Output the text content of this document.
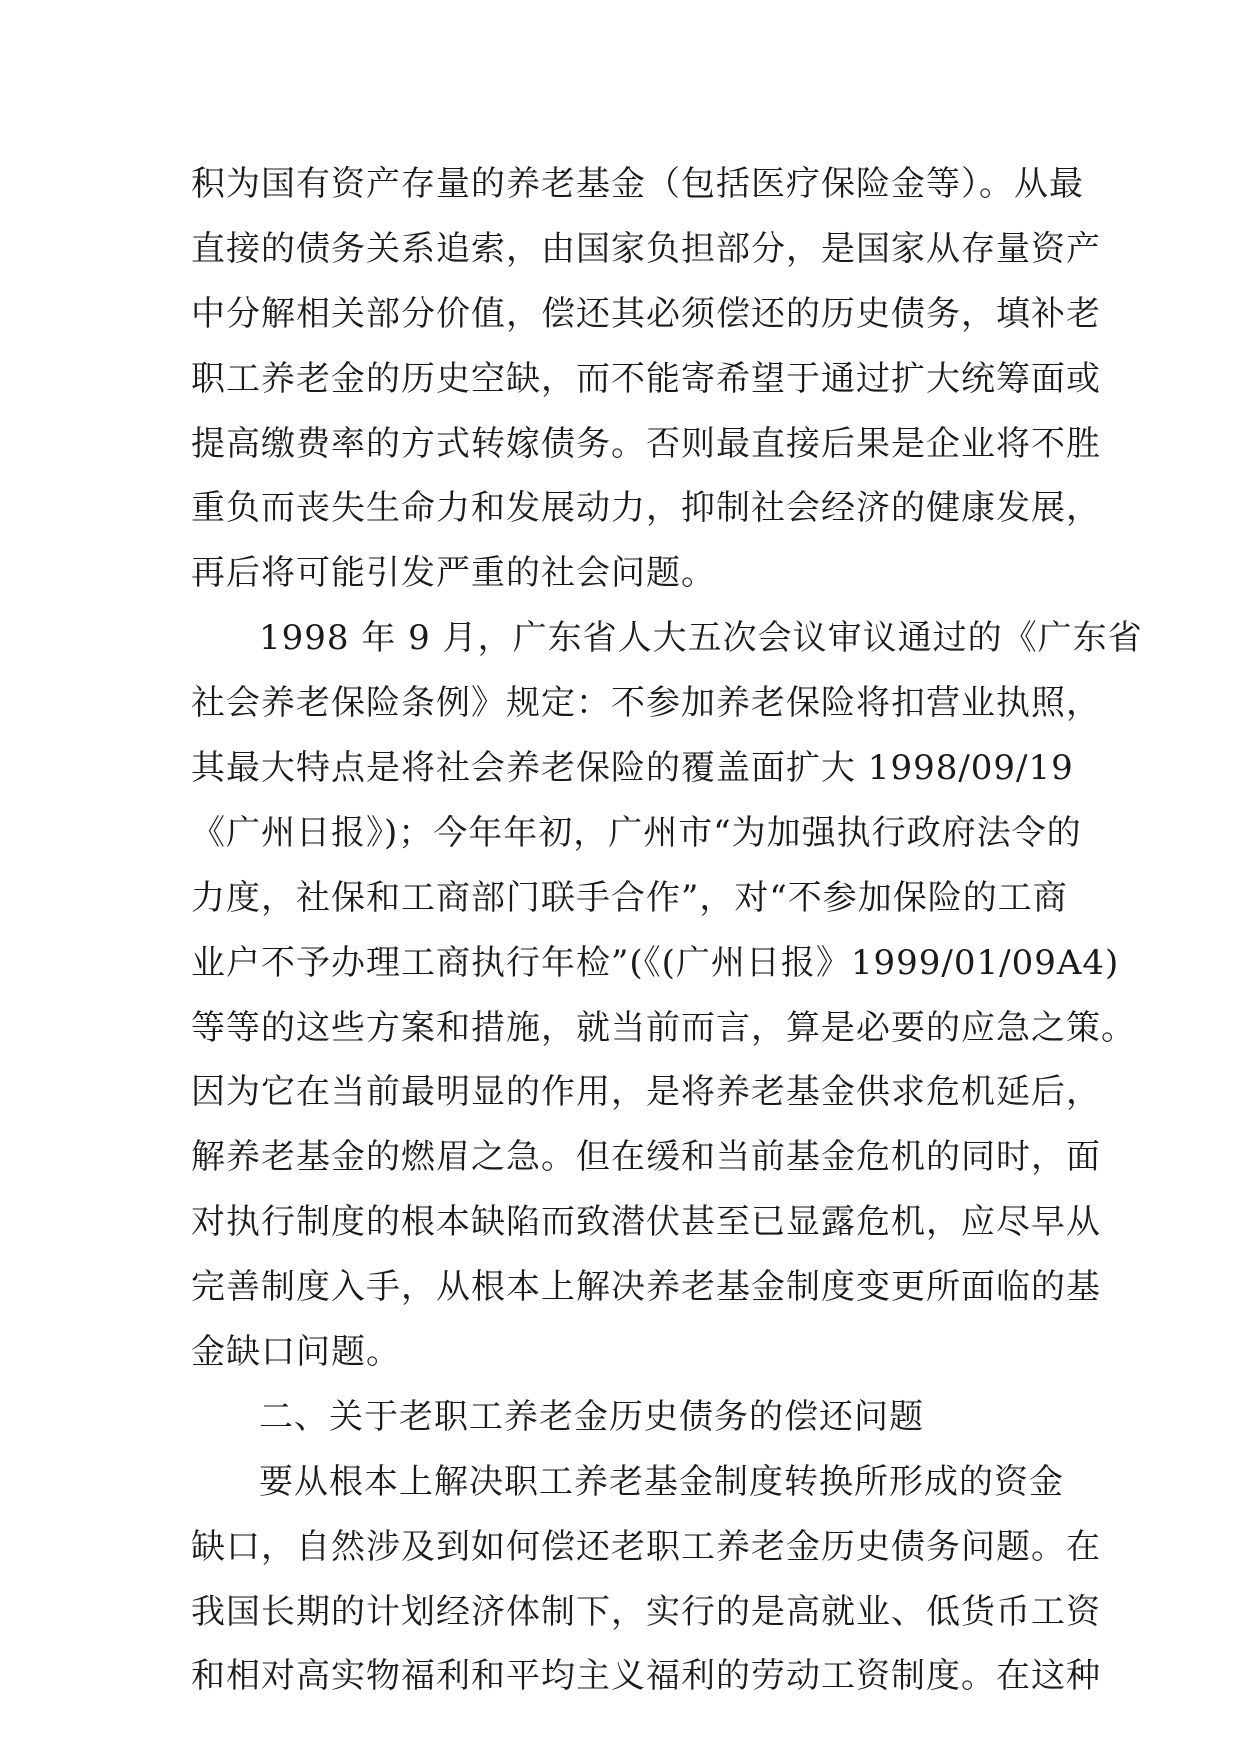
积为国有资产存量的养老基金（包括医疗保险金等）。从最
直接的债务关系追索，由国家负担部分，是国家从存量资产
中分解相关部分价值，偿还其必须偿还的历史债务，填补老
职工养老金的历史空缺，而不能寄希望于通过扩大统筹面或
提高缴费率的方式转嫁债务。否则最直接后果是企业将不胜
重负而丧失生命力和发展动力，抑制社会经济的健康发展，
再后将可能引发严重的社会问题。
1998 年 9 月，广东省人大五次会议审议通过的《广东省
社会养老保险条例》规定：不参加养老保险将扣营业执照，
其最大特点是将社会养老保险的覆盖面扩大 1998/09/19
《广州日报》)；今年年初，广州市“为加强执行政府法令的
力度，社保和工商部门联手合作”，对“不参加保险的工商
业户不予办理工商执行年检”(《(广州日报》1999/01/09A4)
等等的这些方案和措施，就当前而言，算是必要的应急之策。
因为它在当前最明显的作用，是将养老基金供求危机延后，
解养老基金的燃眉之急。但在缓和当前基金危机的同时，面
对执行制度的根本缺陷而致潜伏甚至已显露危机，应尽早从
完善制度入手，从根本上解决养老基金制度变更所面临的基
金缺口问题。
二、关于老职工养老金历史债务的偿还问题
要从根本上解决职工养老基金制度转换所形成的资金
缺口，自然涉及到如何偿还老职工养老金历史债务问题。在
我国长期的计划经济体制下，实行的是高就业、低货币工资
和相对高实物福利和平均主义福利的劳动工资制度。在这种
